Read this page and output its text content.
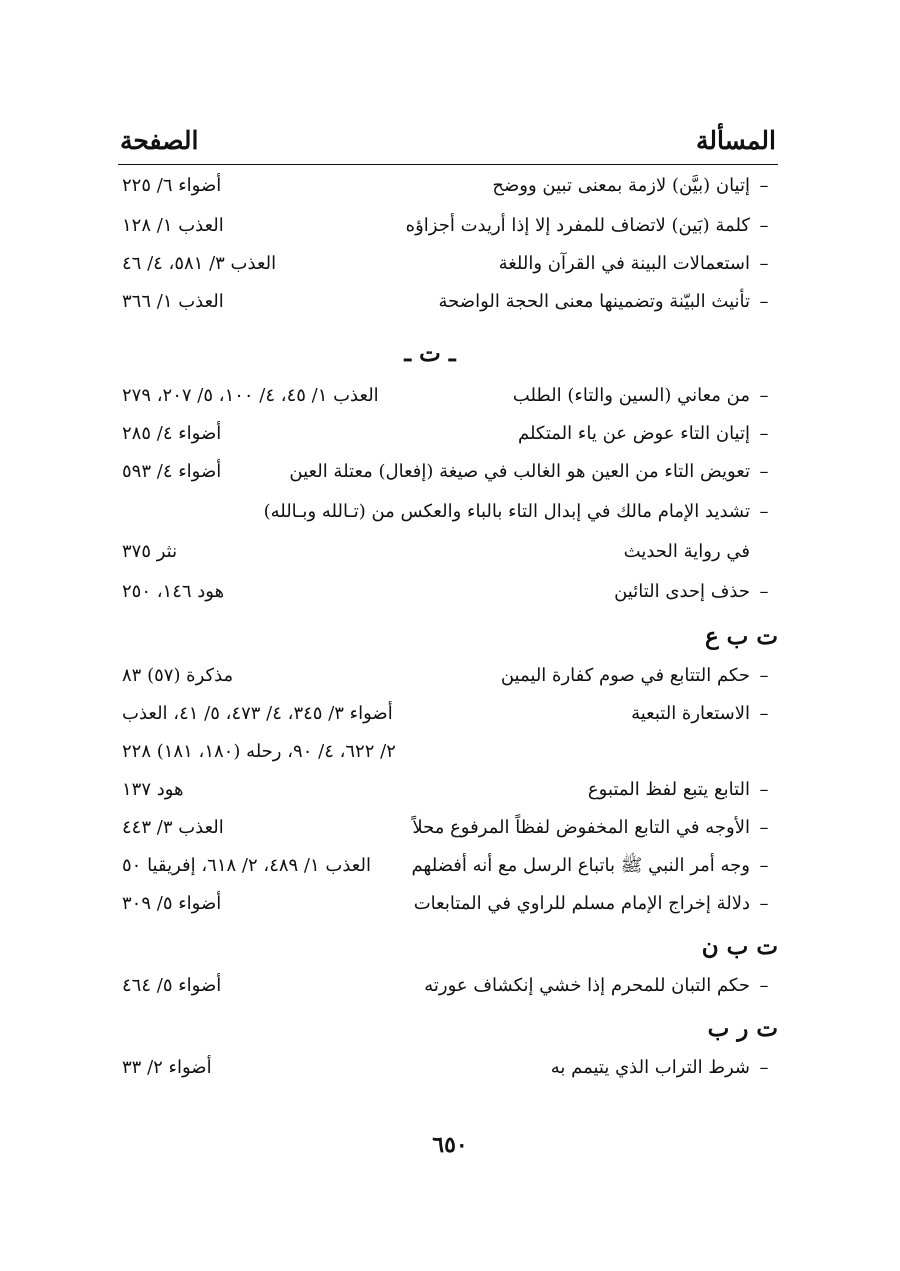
المسألة
الصفحة
–إتيان (بيَّن) لازمة بمعنى تبين ووضح
أضواء ٦/ ٢٢٥
–كلمة (بَين) لاتضاف للمفرد إلا إذا أريدت أجزاؤه
العذب ١/ ١٢٨
–استعمالات البينة في القرآن واللغة
العذب ٣/ ٥٨١، ٤/ ٤٦
–تأنيث البيّنة وتضمينها معنى الحجة الواضحة
العذب ١/ ٣٦٦
ـ ت ـ
–من معاني (السين والتاء) الطلب
العذب ١/ ٤٥، ٤/ ١٠٠، ٥/ ٢٠٧، ٢٧٩
–إتيان التاء عوض عن ياء المتكلم
أضواء ٤/ ٢٨٥
–تعويض التاء من العين هو الغالب في صيغة (إفعال) معتلة العين
أضواء ٤/ ٥٩٣
–تشديد الإمام مالك في إبدال التاء بالباء والعكس من (تـالله وبـالله)
في رواية الحديث
نثر ٣٧٥
–حذف إحدى التائين
هود ١٤٦، ٢٥٠
ت ب ع
–حكم التتابع في صوم كفارة اليمين
مذكرة (٥٧) ٨٣
–الاستعارة التبعية
أضواء ٣/ ٣٤٥، ٤/ ٤٧٣، ٥/ ٤١، العذب
٢/ ٦٢٢، ٤/ ٩٠، رحله (١٨٠، ١٨١) ٢٢٨
–التابع يتبع لفظ المتبوع
هود ١٣٧
–الأوجه في التابع المخفوض لفظاً المرفوع محلاً
العذب ٣/ ٤٤٣
–وجه أمر النبي ﷺ باتباع الرسل مع أنه أفضلهم
العذب ١/ ٤٨٩، ٢/ ٦١٨، إفريقيا ٥٠
–دلالة إخراج الإمام مسلم للراوي في المتابعات
أضواء ٥/ ٣٠٩
ت ب ن
–حكم التبان للمحرم إذا خشي إنكشاف عورته
أضواء ٥/ ٤٦٤
ت ر ب
–شرط التراب الذي يتيمم به
أضواء ٢/ ٣٣
٦٥٠
